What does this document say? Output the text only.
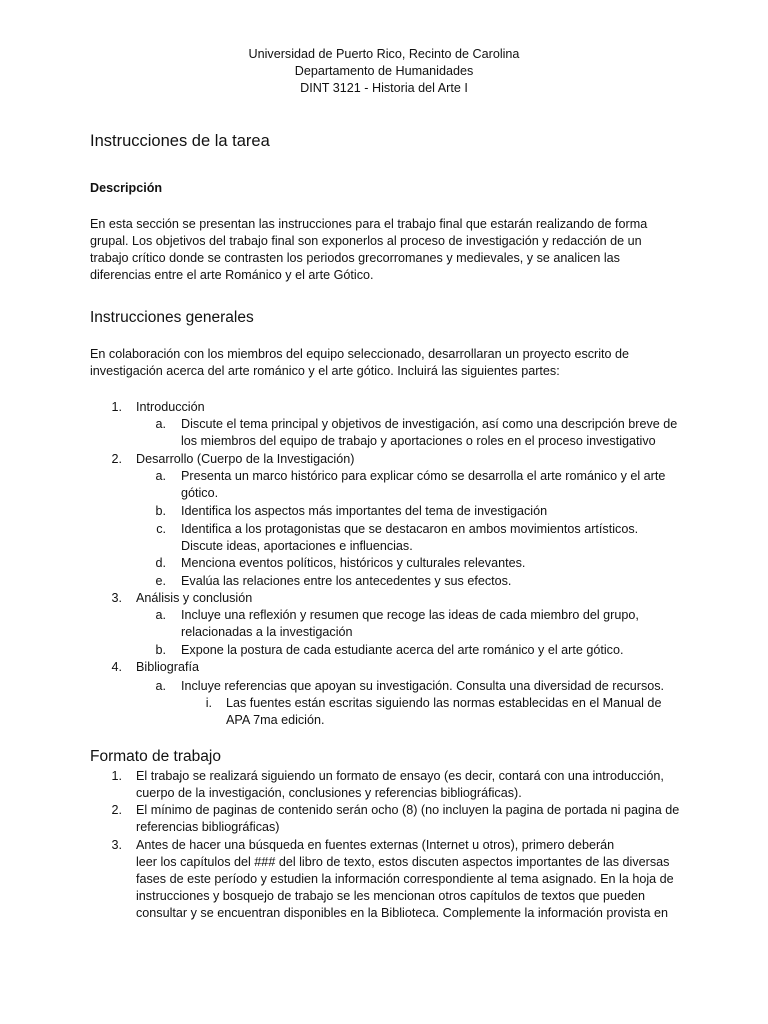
Universidad de Puerto Rico, Recinto de Carolina
Departamento de Humanidades
DINT 3121 - Historia del Arte I
Instrucciones de la tarea
Descripción
En esta sección se presentan las instrucciones para el trabajo final que estarán realizando de forma
grupal. Los objetivos del trabajo final son exponerlos al proceso de investigación y redacción de un
trabajo crítico donde se contrasten los periodos grecorromanes y medievales, y se analicen las
diferencias entre el arte Románico y el arte Gótico.
Instrucciones generales
En colaboración con los miembros del equipo seleccionado, desarrollaran un proyecto escrito de
investigación acerca del arte románico y el arte gótico. Incluirá las siguientes partes:
1. Introducción
a. Discute el tema principal y objetivos de investigación, así como una descripción breve de
los miembros del equipo de trabajo y aportaciones o roles en el proceso investigativo
2. Desarrollo (Cuerpo de la Investigación)
a. Presenta un marco histórico para explicar cómo se desarrolla el arte románico y el arte
gótico.
b. Identifica los aspectos más importantes del tema de investigación
c. Identifica a los protagonistas que se destacaron en ambos movimientos artísticos.
Discute ideas, aportaciones e influencias.
d. Menciona eventos políticos, históricos y culturales relevantes.
e. Evalúa las relaciones entre los antecedentes y sus efectos.
3. Análisis y conclusión
a. Incluye una reflexión y resumen que recoge las ideas de cada miembro del grupo,
relacionadas a la investigación
b. Expone la postura de cada estudiante acerca del arte románico y el arte gótico.
4. Bibliografía
a. Incluye referencias que apoyan su investigación. Consulta una diversidad de recursos.
i. Las fuentes están escritas siguiendo las normas establecidas en el Manual de
APA 7ma edición.
Formato de trabajo
1. El trabajo se realizará siguiendo un formato de ensayo (es decir, contará con una introducción,
cuerpo de la investigación, conclusiones y referencias bibliográficas).
2. El mínimo de paginas de contenido serán ocho (8) (no incluyen la pagina de portada ni pagina de
referencias bibliográficas)
3. Antes de hacer una búsqueda en fuentes externas (Internet u otros), primero deberán
leer los capítulos del ### del libro de texto, estos discuten aspectos importantes de las diversas
fases de este período y estudien la información correspondiente al tema asignado. En la hoja de
instrucciones y bosquejo de trabajo se les mencionan otros capítulos de textos que pueden
consultar y se encuentran disponibles en la Biblioteca. Complemente la información provista en
